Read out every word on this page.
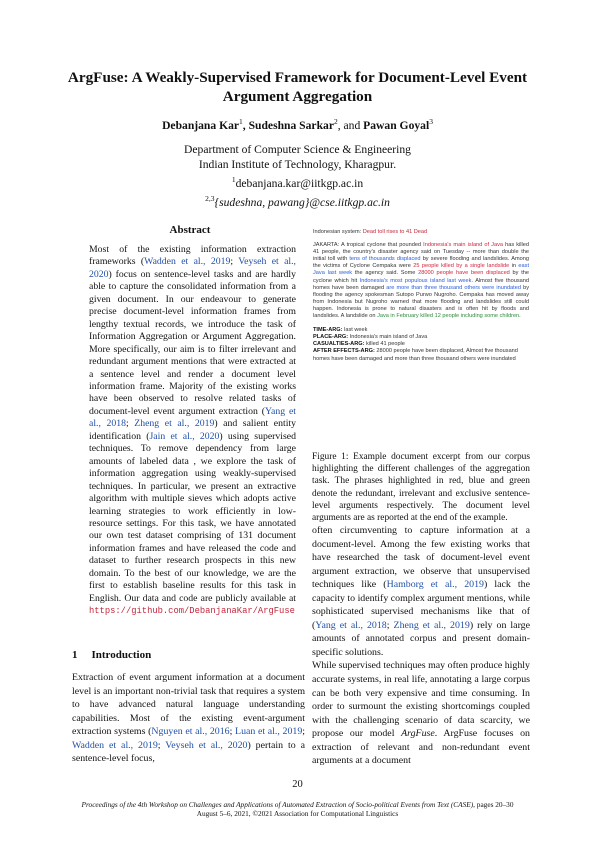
ArgFuse: A Weakly-Supervised Framework for Document-Level Event
Argument Aggregation
Debanjana Kar$^1$, Sudeshna Sarkar$^2$, and Pawan Goyal$^3$
Department of Computer Science & Engineering
Indian Institute of Technology, Kharagpur.
$^1$debanjana.kar@iitkgp.ac.in
$^{2,3}${sudeshna, pawang}@cse.iitkgp.ac.in
Abstract
Most of the existing information extraction frameworks (Wadden et al., 2019; Veyseh et al., 2020) focus on sentence-level tasks and are hardly able to capture the consolidated information from a given document. In our endeavour to generate precise document-level information frames from lengthy textual records, we introduce the task of Information Aggregation or Argument Aggregation. More specifically, our aim is to filter irrelevant and redundant argument mentions that were extracted at a sentence level and render a document level information frame. Majority of the existing works have been observed to resolve related tasks of document-level event argument extraction (Yang et al., 2018; Zheng et al., 2019) and salient entity identification (Jain et al., 2020) using supervised techniques. To remove dependency from large amounts of labeled data , we explore the task of information aggregation using weakly-supervised techniques. In particular, we present an extractive algorithm with multiple sieves which adopts active learning strategies to work efficiently in low-resource settings. For this task, we have annotated our own test dataset comprising of 131 document information frames and have released the code and dataset to further research prospects in this new domain. To the best of our knowledge, we are the first to establish baseline results for this task in English. Our data and code are publicly available at https://github.com/DebanjanaKar/ArgFuse
1 Introduction
Extraction of event argument information at a document level is an important non-trivial task that requires a system to have advanced natural language understanding capabilities. Most of the existing event-argument extraction systems (Nguyen et al., 2016; Luan et al., 2019; Wadden et al., 2019; Veyseh et al., 2020) pertain to a sentence-level focus,
Indonesian system: Dead toll rises to 41 Dead
JAKARTA: A tropical cyclone that pounded Indonesia's main island of Java has killed 41 people, the country's disaster agency said on Tuesday -- more than double the initial toll with tens of thousands displaced by severe flooding and landslides. Among the victims of Cyclone Cempaka were 25 people killed by a single landslide in east Java last week the agency said. Some 28000 people have been displaced by the cyclone which hit Indonesia's most populous island last week. Almost five thousand homes have been damaged are more than three thousand others were inundated by flooding the agency spokesman Sutopo Purwo Nugroho. Cempaka has moved away from Indonesia but Nugroho warned that more flooding and landslides still could happen. Indonesia is prone to natural disasters and is often hit by floods and landslides. A landslide on Java in February killed 12 people including some children.
TIME-ARG: last week
PLACE-ARG: Indonesia's main island of Java
CASUALTIES-ARG: killed 41 people
AFTER EFFECTS-ARG: 28000 people have been displaced, Almost five thousand homes have been damaged and more than three thousand others were inundated
Figure 1: Example document excerpt from our corpus highlighting the different challenges of the aggregation task. The phrases highlighted in red, blue and green denote the redundant, irrelevant and exclusive sentence-level arguments respectively. The document level arguments are as reported at the end of the example.

often circumventing to capture information at a document-level. Among the few existing works that have researched the task of document-level event argument extraction, we observe that unsupervised techniques like (Hamborg et al., 2019) lack the capacity to identify complex argument mentions, while sophisticated supervised mechanisms like that of (Yang et al., 2018; Zheng et al., 2019) rely on large amounts of annotated corpus and present domain-specific solutions.

While supervised techniques may often produce highly accurate systems, in real life, annotating a large corpus can be both very expensive and time consuming. In order to surmount the existing shortcomings coupled with the challenging scenario of data scarcity, we propose our model ArgFuse. ArgFuse focuses on extraction of relevant and non-redundant event arguments at a document

20
Proceedings of the 4th Workshop on Challenges and Applications of Automated Extraction of Socio-political Events from Text (CASE), pages 20–30
August 5–6, 2021, ©2021 Association for Computational Linguistics
